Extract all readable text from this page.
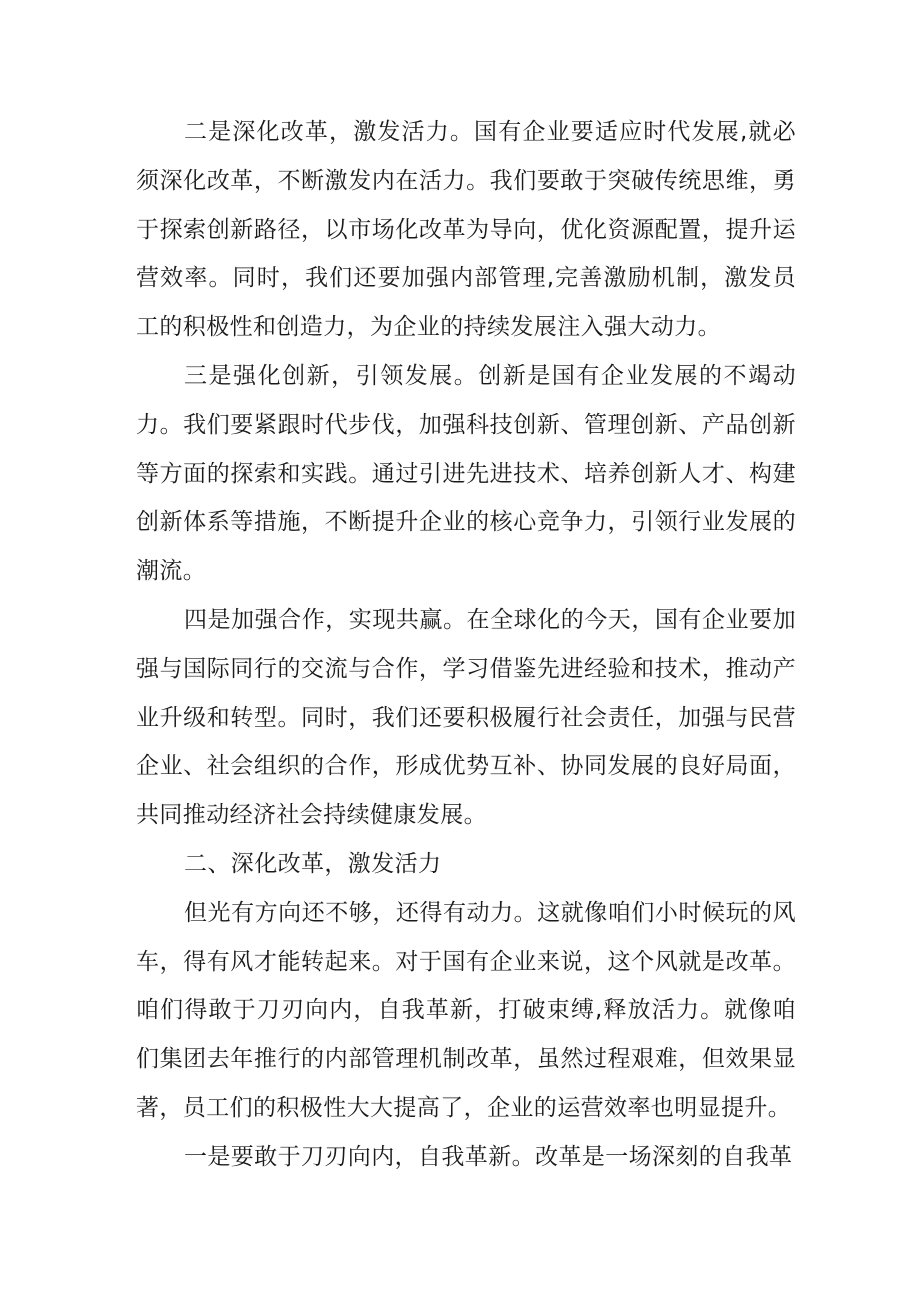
二是深化改革，激发活力。国有企业要适应时代发展,就必须深化改革，不断激发内在活力。我们要敢于突破传统思维，勇于探索创新路径，以市场化改革为导向，优化资源配置，提升运营效率。同时，我们还要加强内部管理,完善激励机制，激发员工的积极性和创造力，为企业的持续发展注入强大动力。

三是强化创新，引领发展。创新是国有企业发展的不竭动力。我们要紧跟时代步伐，加强科技创新、管理创新、产品创新等方面的探索和实践。通过引进先进技术、培养创新人才、构建创新体系等措施，不断提升企业的核心竞争力，引领行业发展的潮流。

四是加强合作，实现共赢。在全球化的今天，国有企业要加强与国际同行的交流与合作，学习借鉴先进经验和技术，推动产业升级和转型。同时，我们还要积极履行社会责任，加强与民营企业、社会组织的合作，形成优势互补、协同发展的良好局面，共同推动经济社会持续健康发展。

二、深化改革，激发活力

但光有方向还不够，还得有动力。这就像咱们小时候玩的风车，得有风才能转起来。对于国有企业来说，这个风就是改革。咱们得敢于刀刃向内，自我革新，打破束缚,释放活力。就像咱们集团去年推行的内部管理机制改革，虽然过程艰难，但效果显著，员工们的积极性大大提高了，企业的运营效率也明显提升。

一是要敢于刀刃向内，自我革新。改革是一场深刻的自我革
